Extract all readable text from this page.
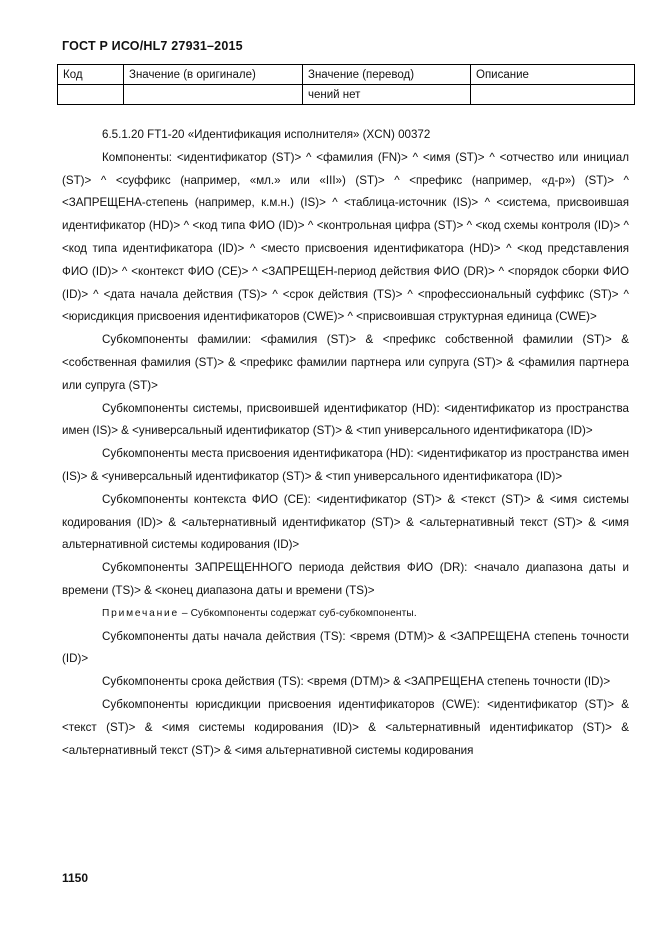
ГОСТ Р ИСО/HL7 27931–2015
Код	Значение (в оригинале)	Значение (перевод)	Описание
		чений нет	

6.5.1.20 FT1-20 «Идентификация исполнителя» (XCN) 00372

Компоненты: <идентификатор (ST)> ^ <фамилия (FN)> ^ <имя (ST)> ^ <отчество или инициал (ST)> ^ <суффикс (например, «мл.» или «III») (ST)> ^ <префикс (например, «д-р») (ST)> ^ <ЗАПРЕЩЕНА-степень (например, к.м.н.) (IS)> ^ <таблица-источник (IS)> ^ <система, присвоившая идентификатор (HD)> ^ <код типа ФИО (ID)> ^ <контрольная цифра (ST)> ^ <код схемы контроля (ID)> ^ <код типа идентификатора (ID)> ^ <место присвоения идентификатора (HD)> ^ <код представления ФИО (ID)> ^ <контекст ФИО (CE)> ^ <ЗАПРЕЩЕН-период действия ФИО (DR)> ^ <порядок сборки ФИО (ID)> ^ <дата начала действия (TS)> ^ <срок действия (TS)> ^ <профессиональный суффикс (ST)> ^ <юрисдикция присвоения идентификаторов (CWE)> ^ <присвоившая структурная единица (CWE)>

Субкомпоненты фамилии: <фамилия (ST)> & <префикс собственной фамилии (ST)> & <собственная фамилия (ST)> & <префикс фамилии партнера или супруга (ST)> & <фамилия партнера или супруга (ST)>

Субкомпоненты системы, присвоившей идентификатор (HD): <идентификатор из пространства имен (IS)> & <универсальный идентификатор (ST)> & <тип универсального идентификатора (ID)>

Субкомпоненты места присвоения идентификатора (HD): <идентификатор из пространства имен (IS)> & <универсальный идентификатор (ST)> & <тип универсального идентификатора (ID)>

Субкомпоненты контекста ФИО (CE): <идентификатор (ST)> & <текст (ST)> & <имя системы кодирования (ID)> & <альтернативный идентификатор (ST)> & <альтернативный текст (ST)> & <имя альтернативной системы кодирования (ID)>

Субкомпоненты ЗАПРЕЩЕННОГО периода действия ФИО (DR): <начало диапазона даты и времени (TS)> & <конец диапазона даты и времени (TS)>

Примечание – Субкомпоненты содержат суб-субкомпоненты.

Субкомпоненты даты начала действия (TS): <время (DTM)> & <ЗАПРЕЩЕНА степень точности (ID)>

Субкомпоненты срока действия (TS): <время (DTM)> & <ЗАПРЕЩЕНА степень точности (ID)>

Субкомпоненты юрисдикции присвоения идентификаторов (CWE): <идентификатор (ST)> & <текст (ST)> & <имя системы кодирования (ID)> & <альтернативный идентификатор (ST)> & <альтернативный текст (ST)> & <имя альтернативной системы кодирования

1150
